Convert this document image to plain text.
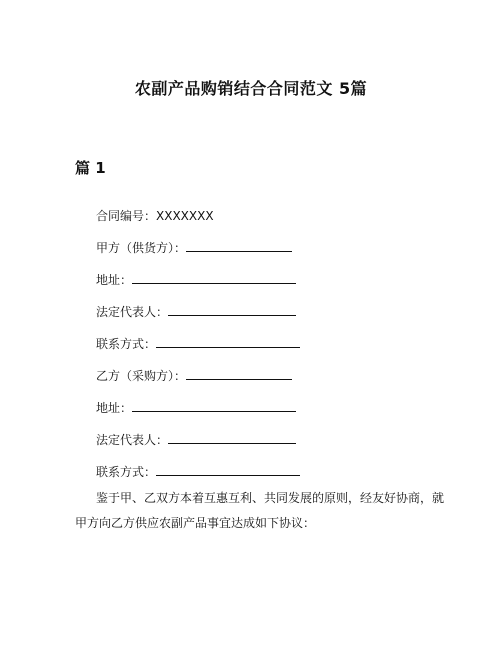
农副产品购销结合合同范文 5篇
篇 1
合同编号：XXXXXXX
甲方（供货方）：
地址：
法定代表人：
联系方式：
乙方（采购方）：
地址：
法定代表人：
联系方式：
鉴于甲、乙双方本着互惠互利、共同发展的原则，经友好协商，就甲方向乙方供应农副产品事宜达成如下协议：
